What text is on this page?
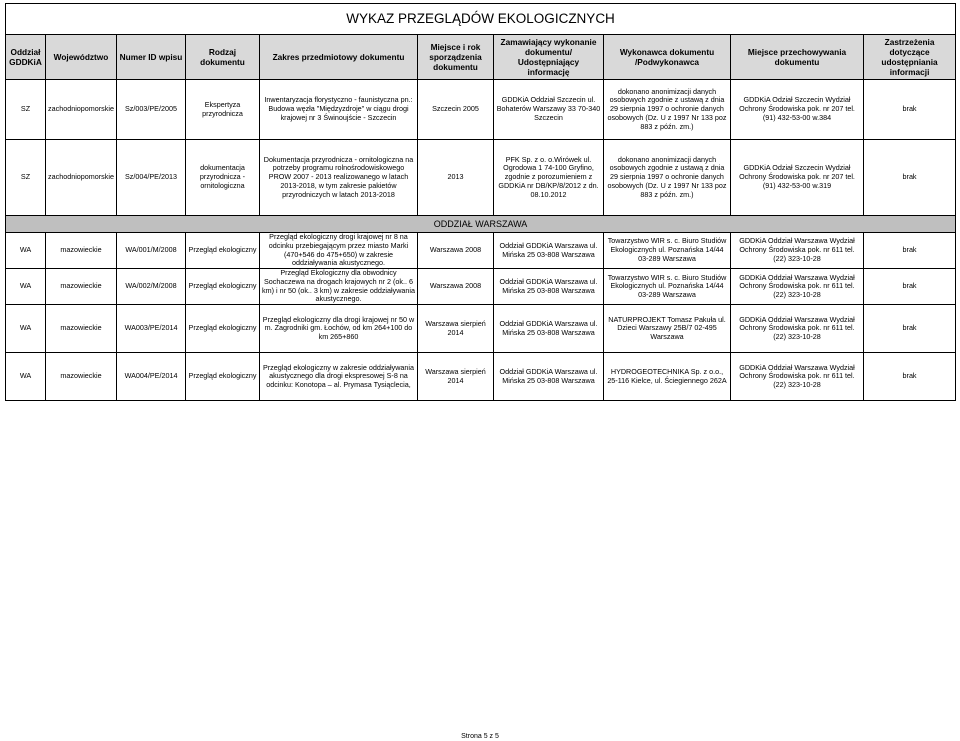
WYKAZ PRZEGLĄDÓW EKOLOGICZNYCH									
Oddział GDDKiA	Województwo	Numer ID wpisu	Rodzaj dokumentu	Zakres przedmiotowy dokumentu	Miejsce i rok sporządzenia dokumentu	Zamawiający wykonanie dokumentu/ Udostępniający informację	Wykonawca dokumentu /Podwykonawca	Miejsce przechowywania dokumentu	Zastrzeżenia dotyczące udostępniania informacji
SZ	zachodniopomorskie	Sz/003/PE/2005	Ekspertyza przyrodnicza	Inwentaryzacja florystyczno - faunistyczna pn.: Budowa węzła "Międzyzdroje" w ciągu drogi krajowej nr 3 Świnoujście - Szczecin	Szczecin 2005	GDDKiA Oddział Szczecin ul. Bohaterów Warszawy 33 70-340 Szczecin	dokonano anonimizacji danych osobowych zgodnie z ustawą z dnia 29 sierpnia 1997 o ochronie danych osobowych (Dz. U z 1997 Nr 133 poz 883 z późn. zm.)	GDDKiA Odział Szczecin Wydział Ochrony Środowiska pok. nr 207 tel. (91) 432-53-00 w.384	brak
SZ	zachodniopomorskie	Sz/004/PE/2013	dokumentacja przyrodnicza - ornitologiczna	Dokumentacja przyrodnicza - ornitologiczna na potrzeby programu rolnośrodowiskowego PROW 2007 - 2013 realizowanego w latach 2013-2018, w tym zakresie pakietów przyrodniczych w latach 2013-2018	2013	PFK Sp. z o. o.Wirówek ul. Ogrodowa 1 74-100 Gryfino, zgodnie z porozumieniem z GDDKiA nr DB/KP/8/2012 z dn. 08.10.2012	dokonano anonimizacji danych osobowych zgodnie z ustawą z dnia 29 sierpnia 1997 o ochronie danych osobowych (Dz. U z 1997 Nr 133 poz 883 z późn. zm.)	GDDKiA Odział Szczecin Wydział Ochrony Środowiska pok. nr 207 tel. (91) 432-53-00 w.319	brak
ODDZIAŁ WARSZAWA									
WA	mazowieckie	WA/001/M/2008	Przegląd ekologiczny	Przegląd ekologiczny drogi krajowej nr 8 na odcinku przebiegającym przez miasto Marki (470+546 do 475+650) w zakresie oddziaływania akustycznego.	Warszawa 2008	Oddział GDDKiA Warszawa ul. Mińska 25 03-808 Warszawa	Towarzystwo WIR s. c. Biuro Studiów Ekologicznych ul. Poznańska 14/44 03-289 Warszawa	GDDKiA Oddział Warszawa Wydział Ochrony Środowiska pok. nr 611 tel. (22) 323-10-28	brak
WA	mazowieckie	WA/002/M/2008	Przegląd ekologiczny	Przegląd Ekologiczny dla obwodnicy Sochaczewa na drogach krajowych nr 2 (ok.. 6 km) i nr 50 (ok.. 3 km) w zakresie oddziaływania akustycznego.	Warszawa 2008	Oddział GDDKiA Warszawa ul. Mińska 25 03-808 Warszawa	Towarzystwo WIR s. c. Biuro Studiów Ekologicznych ul. Poznańska 14/44 03-289 Warszawa	GDDKiA Oddział Warszawa Wydział Ochrony Środowiska pok. nr 611 tel. (22) 323-10-28	brak
WA	mazowieckie	WA003/PE/2014	Przegląd ekologiczny	Przegląd ekologiczny dla drogi krajowej nr 50 w m. Zagrodniki gm. Łochów, od km 264+100 do km 265+860	Warszawa sierpień 2014	Oddział GDDKiA Warszawa ul. Mińska 25 03-808 Warszawa	NATURPROJEKT Tomasz Pakuła ul. Dzieci Warszawy 25B/7 02-495 Warszawa	GDDKiA Oddział Warszawa Wydział Ochrony Środowiska pok. nr 611 tel. (22) 323-10-28	brak
WA	mazowieckie	WA004/PE/2014	Przegląd ekologiczny	Przegląd ekologiczny w zakresie oddziaływania akustycznego dla drogi ekspresowej S-8 na odcinku: Konotopa – al. Prymasa Tysiąclecia,	Warszawa sierpień 2014	Oddział GDDKiA Warszawa ul. Mińska 25 03-808 Warszawa	HYDROGEOTECHNIKA Sp. z o.o., 25-116 Kielce, ul. Ściegiennego 262A	GDDKiA Oddział Warszawa Wydział Ochrony Środowiska pok. nr 611 tel. (22) 323-10-28	brak
Strona 5 z 5
